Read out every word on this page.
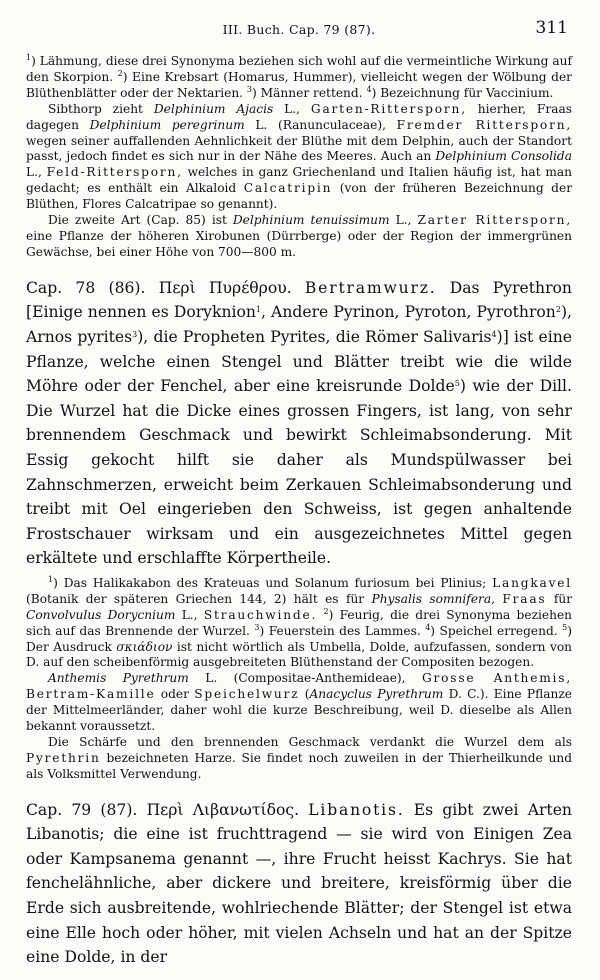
III. Buch. Cap. 79 (87).	311

$^1$) Lähmung, diese drei Synonyma beziehen sich wohl auf die vermeintliche Wirkung auf den Skorpion. $^2$) Eine Krebsart (Homarus, Hummer), vielleicht wegen der Wölbung der Blüthenblätter oder der Nektarien. $^3$) Männer rettend. $^4$) Bezeichnung für Vaccinium.

Sibthorp zieht Delphinium Ajacis L., Garten-Rittersporn, hierher, Fraas dagegen Delphinium peregrinum L. (Ranunculaceae), Fremder Rittersporn, wegen seiner auffallenden Aehnlichkeit der Blüthe mit dem Delphin, auch der Standort passt, jedoch findet es sich nur in der Nähe des Meeres. Auch an Delphinium Consolida L., Feld-Rittersporn, welches in ganz Griechenland und Italien häufig ist, hat man gedacht; es enthält ein Alkaloid Calcatripin (von der früheren Bezeichnung der Blüthen, Flores Calcatripae so genannt).

Die zweite Art (Cap. 85) ist Delphinium tenuissimum L., Zarter Rittersporn, eine Pflanze der höheren Xirobunen (Dürrberge) oder der Region der immergrünen Gewächse, bei einer Höhe von 700—800 m.

Cap. 78 (86). Περὶ Πυρέθρου. Bertramwurz. Das Pyrethron [Einige nennen es Doryknion$^1$, Andere Pyrinon, Pyroton, Pyrothron$^2$), Arnos pyrites$^3$), die Propheten Pyrites, die Römer Salivaris$^4$)] ist eine Pflanze, welche einen Stengel und Blätter treibt wie die wilde Möhre oder der Fenchel, aber eine kreisrunde Dolde$^5$) wie der Dill. Die Wurzel hat die Dicke eines grossen Fingers, ist lang, von sehr brennendem Geschmack und bewirkt Schleimabsonderung. Mit Essig gekocht hilft sie daher als Mundspülwasser bei Zahnschmerzen, erweicht beim Zerkauen Schleimabsonderung und treibt mit Oel eingerieben den Schweiss, ist gegen anhaltende Frostschauer wirksam und ein ausgezeichnetes Mittel gegen erkältete und erschlaffte Körpertheile.

$^1$) Das Halikakabon des Krateuas und Solanum furiosum bei Plinius; Langkavel (Botanik der späteren Griechen 144, 2) hält es für Physalis somnifera, Fraas für Convolvulus Dorycnium L., Strauchwinde. $^2$) Feurig, die drei Synonyma beziehen sich auf das Brennende der Wurzel. $^3$) Feuerstein des Lammes. $^4$) Speichel erregend. $^5$) Der Ausdruck σκιάδιον ist nicht wörtlich als Umbella, Dolde, aufzufassen, sondern von D. auf den scheibenförmig ausgebreiteten Blüthenstand der Compositen bezogen.

Anthemis Pyrethrum L. (Compositae-Anthemideae), Grosse Anthemis, Bertram-Kamille oder Speichelwurz (Anacyclus Pyrethrum D. C.). Eine Pflanze der Mittelmeerländer, daher wohl die kurze Beschreibung, weil D. dieselbe als Allen bekannt voraussetzt.

Die Schärfe und den brennenden Geschmack verdankt die Wurzel dem als Pyrethrin bezeichneten Harze. Sie findet noch zuweilen in der Thierheilkunde und als Volksmittel Verwendung.

Cap. 79 (87). Περὶ Λιβανωτίδος. Libanotis. Es gibt zwei Arten Libanotis; die eine ist fruchttragend — sie wird von Einigen Zea oder Kampsanema genannt —, ihre Frucht heisst Kachrys. Sie hat fenchelähnliche, aber dickere und breitere, kreisförmig über die Erde sich ausbreitende, wohlriechende Blätter; der Stengel ist etwa eine Elle hoch oder höher, mit vielen Achseln und hat an der Spitze eine Dolde, in der
